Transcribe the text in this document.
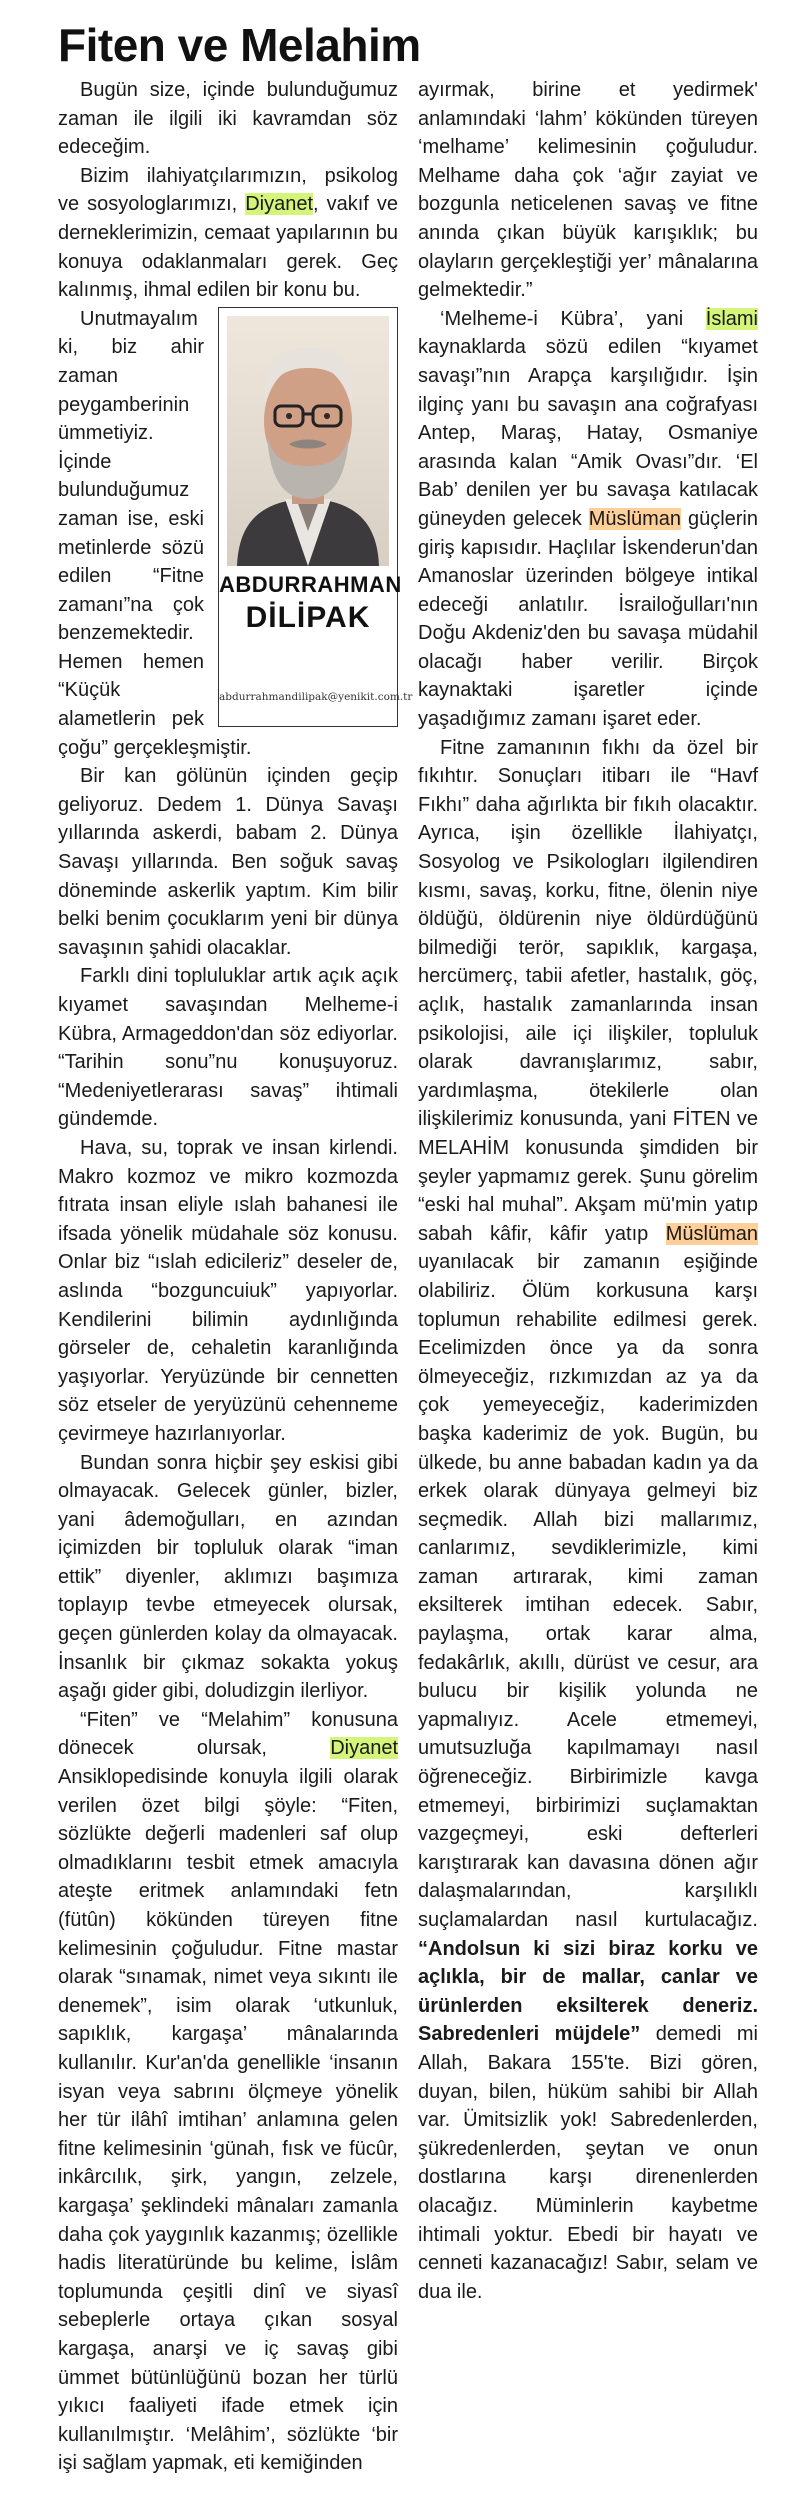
Fiten ve Melahim

Bugün size, içinde bulunduğumuz zaman ile ilgili iki kavramdan söz edeceğim.

Bizim ilahiyatçılarımızın, psikolog ve sosyologlarımızı, Diyanet, vakıf ve derneklerimizin, cemaat yapılarının bu konuya odaklanmaları gerek. Geç kalınmış, ihmal edilen bir konu bu.

ABDURRAHMAN
DİLİPAK
abdurrahmandilipak@yenikit.com.tr

Unutmayalım ki, biz ahir zaman peygamberinin ümmetiyiz. İçinde bulunduğumuz zaman ise, eski metinlerde sözü edilen “Fitne zamanı”na çok benzemektedir. Hemen hemen “Küçük alametlerin pek çoğu” gerçekleşmiştir.

Bir kan gölünün içinden geçip geliyoruz. Dedem 1. Dünya Savaşı yıllarında askerdi, babam 2. Dünya Savaşı yıllarında. Ben soğuk savaş döneminde askerlik yaptım. Kim bilir belki benim çocuklarım yeni bir dünya savaşının şahidi olacaklar.

Farklı dini topluluklar artık açık açık kıyamet savaşından Melheme-i Kübra, Armageddon'dan söz ediyorlar. “Tarihin sonu”nu konuşuyoruz. “Medeniyetlerarası savaş” ihtimali gündemde.

Hava, su, toprak ve insan kirlendi. Makro kozmoz ve mikro kozmozda fıtrata insan eliyle ıslah bahanesi ile ifsada yönelik müdahale söz konusu. Onlar biz “ıslah edicileriz” deseler de, aslında “bozguncuiuk” yapıyorlar. Kendilerini bilimin aydınlığında görseler de, cehaletin karanlığında yaşıyorlar. Yeryüzünde bir cennetten söz etseler de yeryüzünü cehenneme çevirmeye hazırlanıyorlar.

Bundan sonra hiçbir şey eskisi gibi olmayacak. Gelecek günler, bizler, yani âdemoğulları, en azından içimizden bir topluluk olarak “iman ettik” diyenler, aklımızı başımıza toplayıp tevbe etmeyecek olursak, geçen günlerden kolay da olmayacak. İnsanlık bir çıkmaz sokakta yokuş aşağı gider gibi, doludizgin ilerliyor.

“Fiten” ve “Melahim” konusuna dönecek olursak, Diyanet Ansiklopedisinde konuyla ilgili olarak verilen özet bilgi şöyle: “Fiten, sözlükte değerli madenleri saf olup olmadıklarını tesbit etmek amacıyla ateşte eritmek anlamındaki fetn (fütûn) kökünden türeyen fitne kelimesinin çoğuludur. Fitne mastar olarak “sınamak, nimet veya sıkıntı ile denemek”, isim olarak ‘utkunluk, sapıklık, kargaşa’ mânalarında kullanılır. Kur'an'da genellikle ‘insanın isyan veya sabrını ölçmeye yönelik her tür ilâhî imtihan’ anlamına gelen fitne kelimesinin ‘günah, fısk ve fücûr, inkârcılık, şirk, yangın, zelzele, kargaşa’ şeklindeki mânaları zamanla daha çok yaygınlık kazanmış; özellikle hadis literatüründe bu kelime, İslâm toplumunda çeşitli dinî ve siyasî sebeplerle ortaya çıkan sosyal kargaşa, anarşi ve iç savaş gibi ümmet bütünlüğünü bozan her türlü yıkıcı faaliyeti ifade etmek için kullanılmıştır. ‘Melâhim’, sözlükte ‘bir işi sağlam yapmak, eti kemiğinden

ayırmak, birine et yedirmek' anlamındaki ‘lahm’ kökünden türeyen ‘melhame’ kelimesinin çoğuludur. Melhame daha çok ‘ağır zayiat ve bozgunla neticelenen savaş ve fitne anında çıkan büyük karışıklık; bu olayların gerçekleştiği yer’ mânalarına gelmektedir.”

‘Melheme-i Kübra’, yani İslami kaynaklarda sözü edilen “kıyamet savaşı”nın Arapça karşılığıdır. İşin ilginç yanı bu savaşın ana coğrafyası Antep, Maraş, Hatay, Osmaniye arasında kalan “Amik Ovası”dır. ‘El Bab’ denilen yer bu savaşa katılacak güneyden gelecek Müslüman güçlerin giriş kapısıdır. Haçlılar İskenderun'dan Amanoslar üzerinden bölgeye intikal edeceği anlatılır. İsrailoğulları'nın Doğu Akdeniz'den bu savaşa müdahil olacağı haber verilir. Birçok kaynaktaki işaretler içinde yaşadığımız zamanı işaret eder.

Fitne zamanının fıkhı da özel bir fıkıhtır. Sonuçları itibarı ile “Havf Fıkhı” daha ağırlıkta bir fıkıh olacaktır. Ayrıca, işin özellikle İlahiyatçı, Sosyolog ve Psikologları ilgilendiren kısmı, savaş, korku, fitne, ölenin niye öldüğü, öldürenin niye öldürdüğünü bilmediği terör, sapıklık, kargaşa, hercümerç, tabii afetler, hastalık, göç, açlık, hastalık zamanlarında insan psikolojisi, aile içi ilişkiler, topluluk olarak davranışlarımız, sabır, yardımlaşma, ötekilerle olan ilişkilerimiz konusunda, yani FİTEN ve MELAHİM konusunda şimdiden bir şeyler yapmamız gerek. Şunu görelim “eski hal muhal”. Akşam mü'min yatıp sabah kâfir, kâfir yatıp Müslüman uyanılacak bir zamanın eşiğinde olabiliriz. Ölüm korkusuna karşı toplumun rehabilite edilmesi gerek. Ecelimizden önce ya da sonra ölmeyeceğiz, rızkımızdan az ya da çok yemeyeceğiz, kaderimizden başka kaderimiz de yok. Bugün, bu ülkede, bu anne babadan kadın ya da erkek olarak dünyaya gelmeyi biz seçmedik. Allah bizi mallarımız, canlarımız, sevdiklerimizle, kimi zaman artırarak, kimi zaman eksilterek imtihan edecek. Sabır, paylaşma, ortak karar alma, fedakârlık, akıllı, dürüst ve cesur, ara bulucu bir kişilik yolunda ne yapmalıyız. Acele etmemeyi, umutsuzluğa kapılmamayı nasıl öğreneceğiz. Birbirimizle kavga etmemeyi, birbirimizi suçlamaktan vazgeçmeyi, eski defterleri karıştırarak kan davasına dönen ağır dalaşmalarından, karşılıklı suçlamalardan nasıl kurtulacağız. “Andolsun ki sizi biraz korku ve açlıkla, bir de mallar, canlar ve ürünlerden eksilterek deneriz. Sabredenleri müjdele” demedi mi Allah, Bakara 155'te. Bizi gören, duyan, bilen, hüküm sahibi bir Allah var. Ümitsizlik yok! Sabredenlerden, şükredenlerden, şeytan ve onun dostlarına karşı direnenlerden olacağız. Müminlerin kaybetme ihtimali yoktur. Ebedi bir hayatı ve cenneti kazanacağız! Sabır, selam ve dua ile.
